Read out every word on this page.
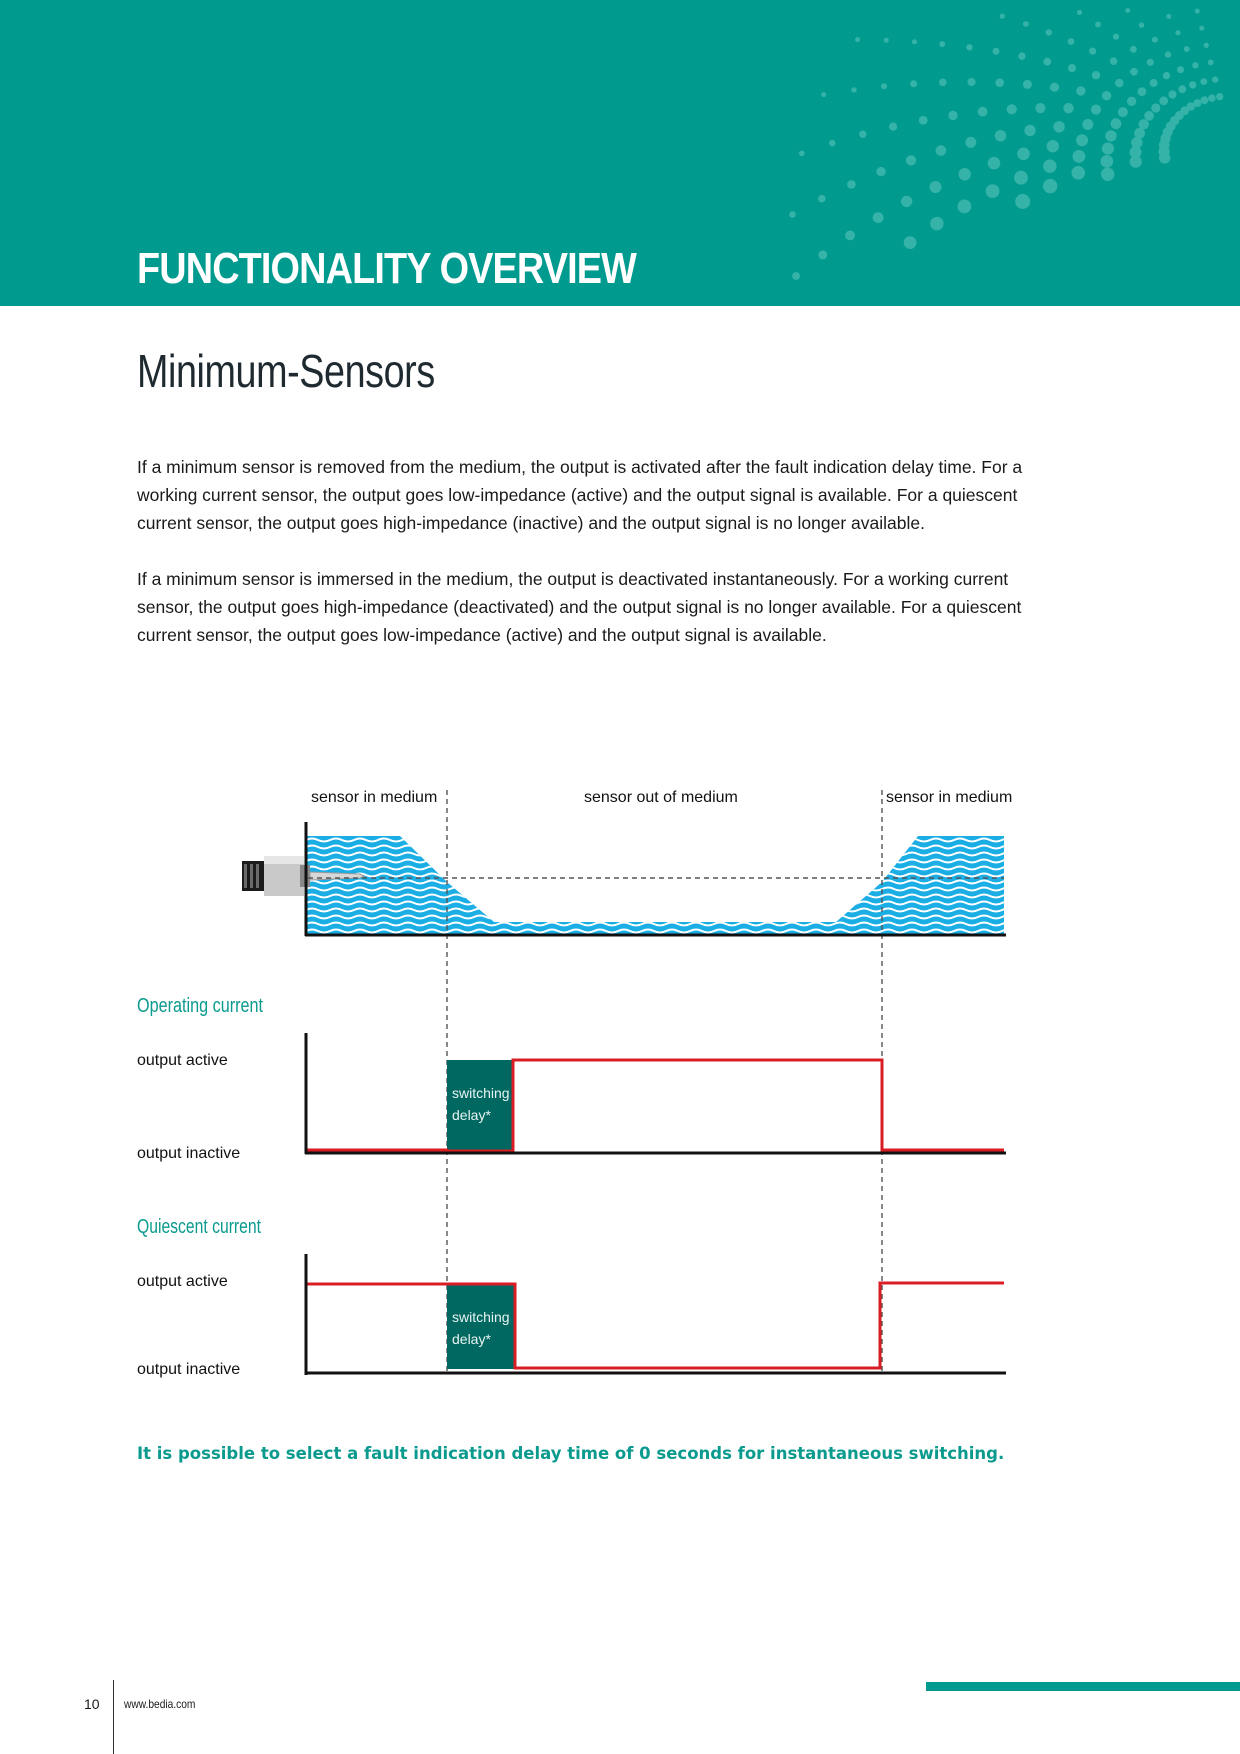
FUNCTIONALITY OVERVIEW
Minimum-Sensors

If a minimum sensor is removed from the medium, the output is activated after the fault indication delay time. For a working current sensor, the output goes low-impedance (active) and the output signal is available. For a quiescent current sensor, the output goes high-impedance (inactive) and the output signal is no longer available.

If a minimum sensor is immersed in the medium, the output is deactivated instantaneously. For a working current sensor, the output goes high-impedance (deactivated) and the output signal is no longer available. For a quiescent current sensor, the output goes low-impedance (active) and the output signal is available.

sensor in medium	sensor out of medium	sensor in medium
Operating current
output active
output inactive
switching
delay*
Quiescent current
output active
output inactive
switching
delay*

It is possible to select a fault indication delay time of 0 seconds for instantaneous switching.

10 www.bedia.com
